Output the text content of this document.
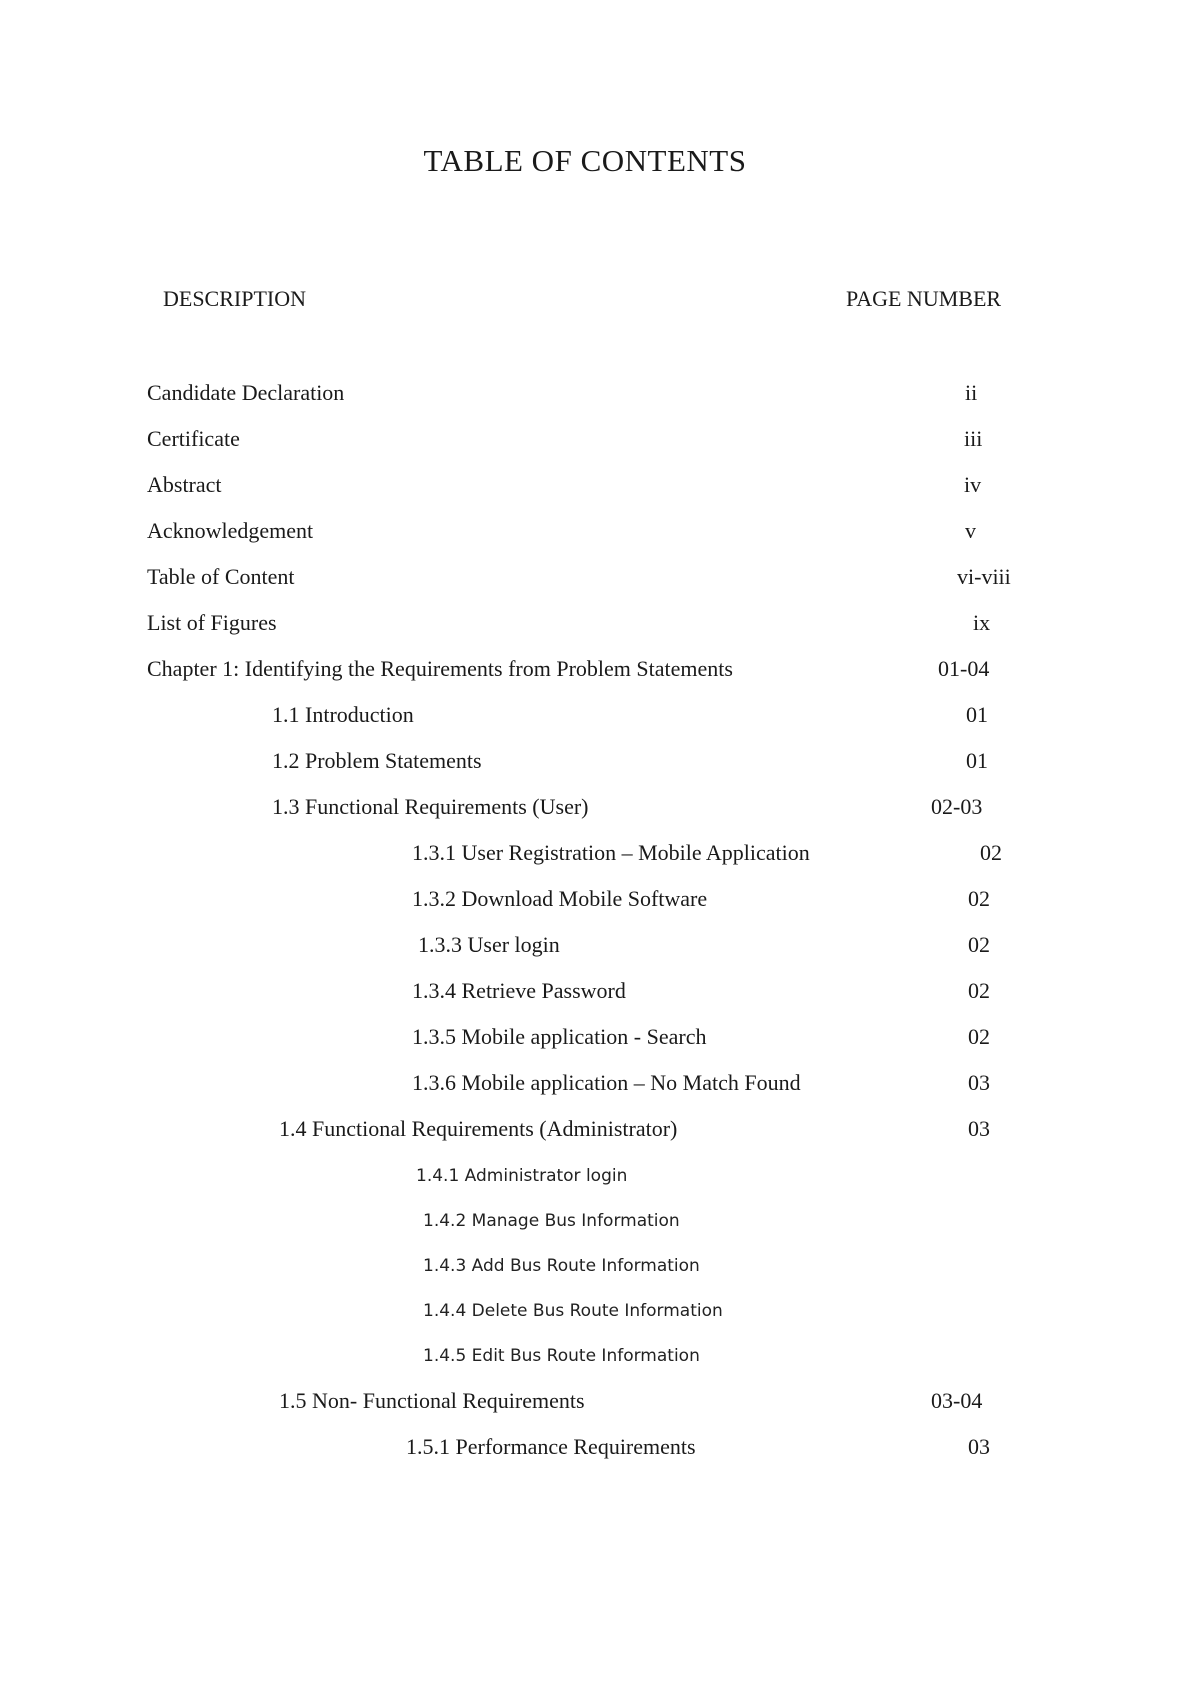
TABLE OF CONTENTS
DESCRIPTION	PAGE NUMBER
Candidate Declaration	ii
Certificate	iii
Abstract	iv
Acknowledgement	v
Table of Content	vi-viii
List of Figures	ix
Chapter 1: Identifying the Requirements from Problem Statements	01-04
1.1 Introduction	01
1.2 Problem Statements	01
1.3 Functional Requirements (User)	02-03
1.3.1 User Registration – Mobile Application	02
1.3.2 Download Mobile Software	02
1.3.3 User login	02
1.3.4 Retrieve Password	02
1.3.5 Mobile application - Search	02
1.3.6 Mobile application – No Match Found	03
1.4 Functional Requirements (Administrator)	03
1.4.1 Administrator login
1.4.2 Manage Bus Information
1.4.3 Add Bus Route Information
1.4.4 Delete Bus Route Information
1.4.5 Edit Bus Route Information
1.5 Non- Functional Requirements	03-04
1.5.1 Performance Requirements	03
